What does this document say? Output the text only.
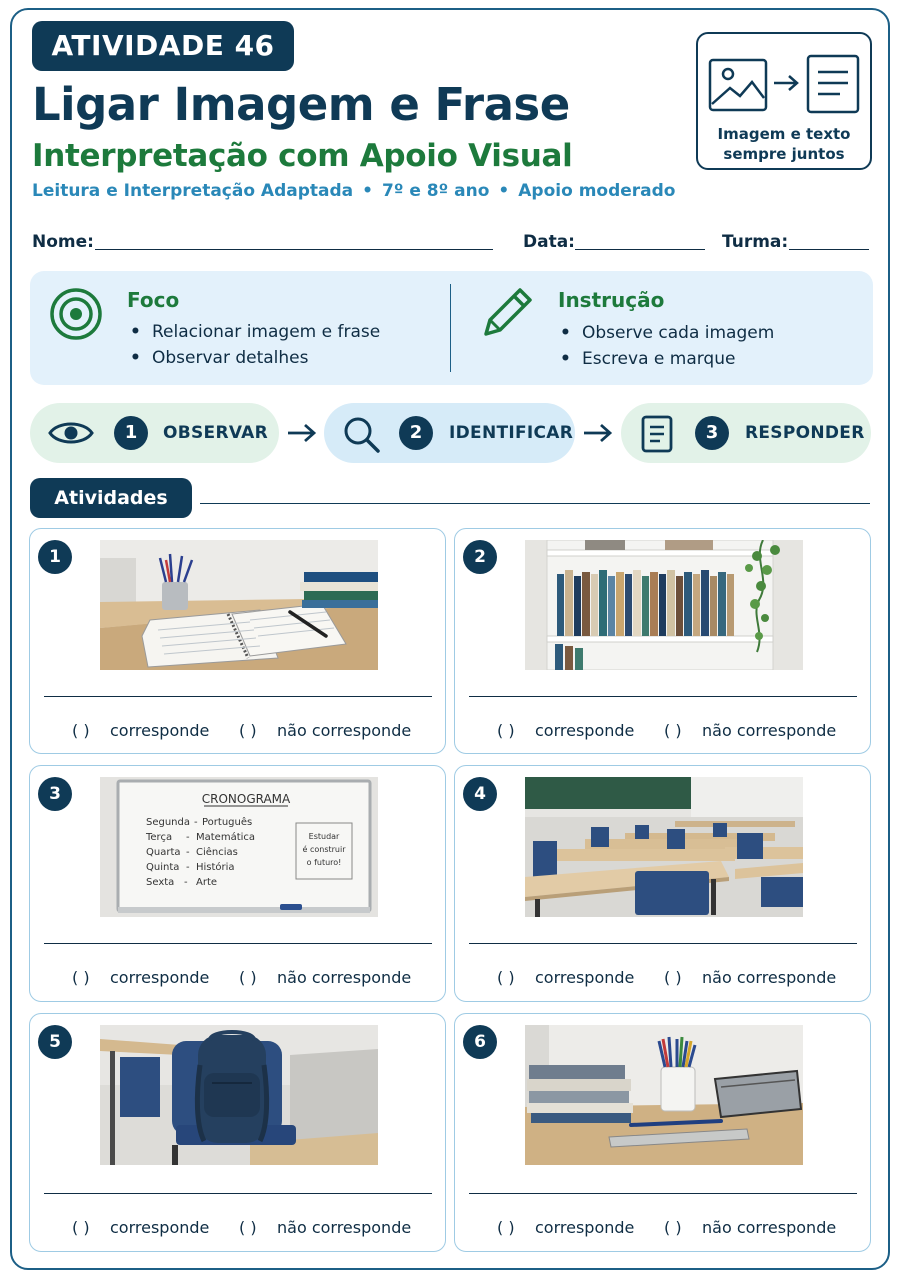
ATIVIDADE 46
Ligar Imagem e Frase
Interpretação com Apoio Visual
Leitura e Interpretação Adaptada • 7º e 8º ano • Apoio moderado
Imagem e texto
sempre juntos
Nome:	Data:	Turma:
Foco
• Relacionar imagem e frase
• Observar detalhes
Instrução
• Observe cada imagem
• Escreva e marque
1	OBSERVAR	2	IDENTIFICAR	3	RESPONDER
Atividades
1
( ) corresponde ( ) não corresponde
2
( ) corresponde ( ) não corresponde
3	CRONOGRAMA
Segunda - Português
Terça - Matemática
Quarta - Ciências
Quinta - História
Sexta - Arte
Estudar
é construir
o futuro!
( ) corresponde ( ) não corresponde
4
( ) corresponde ( ) não corresponde
5
( ) corresponde ( ) não corresponde
6
( ) corresponde ( ) não corresponde
